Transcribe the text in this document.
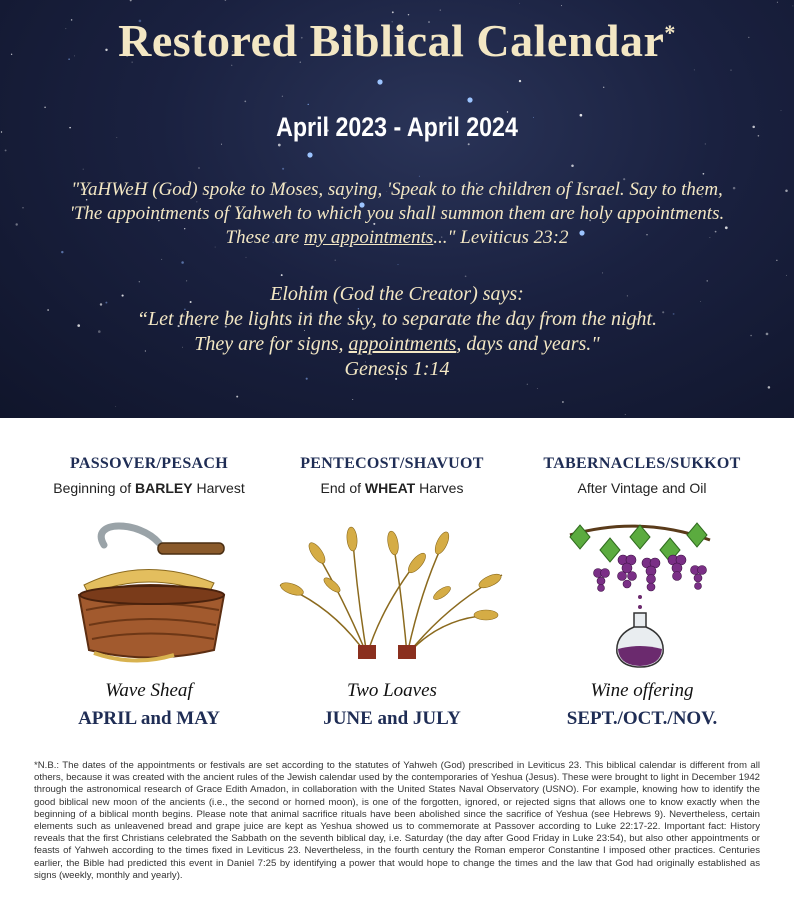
Restored Biblical Calendar*
April 2023 - April 2024
"YaHWeH (God) spoke to Moses, saying, 'Speak to the children of Israel. Say to them,
'The appointments of Yahweh to which you shall summon them are holy appointments.
These are my appointments..." Leviticus 23:2
Elohim (God the Creator) says:
“Let there be lights in the sky, to separate the day from the night.
They are for signs, appointments, days and years."
Genesis 1:14
PASSOVER/PESACH
Beginning of BARLEY Harvest
Wave Sheaf
APRIL and MAY
PENTECOST/SHAVUOT
End of WHEAT Harves
Two Loaves
JUNE and JULY
TABERNACLES/SUKKOT
After Vintage and Oil
Wine offering
SEPT./OCT./NOV.
*N.B.: The dates of the appointments or festivals are set according to the statutes of Yahweh (God) prescribed in Leviticus 23. This biblical calendar is different from all others, because it was created with the ancient rules of the Jewish calendar used by the contemporaries of Yeshua (Jesus). These were brought to light in December 1942 through the astronomical research of Grace Edith Amadon, in collaboration with the United States Naval Observatory (USNO). For example, knowing how to identify the good biblical new moon of the ancients (i.e., the second or horned moon), is one of the forgotten, ignored, or rejected signs that allows one to know exactly when the beginning of a biblical month begins. Please note that animal sacrifice rituals have been abolished since the sacrifice of Yeshua (see Hebrews 9). Nevertheless, certain elements such as unleavened bread and grape juice are kept as Yeshua showed us to commemorate at Passover according to Luke 22:17-22. Important fact: History reveals that the first Christians celebrated the Sabbath on the seventh biblical day, i.e. Saturday (the day after Good Friday in Luke 23:54), but also other appointments or feasts of Yahweh according to the times fixed in Leviticus 23. Nevertheless, in the fourth century the Roman emperor Constantine I imposed other practices. Centuries earlier, the Bible had predicted this event in Daniel 7:25 by identifying a power that would hope to change the times and the law that God had originally established as signs (weekly, monthly and yearly).
